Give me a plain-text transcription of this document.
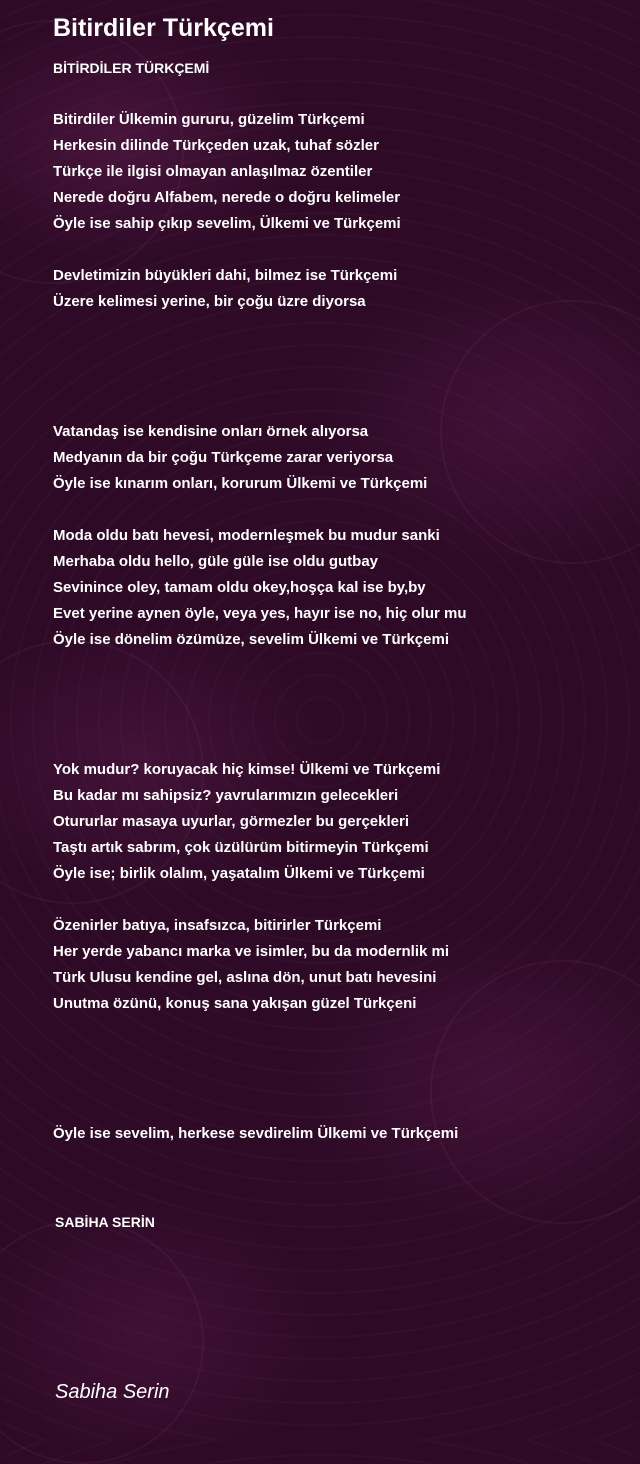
Bitirdiler Türkçemi
BİTİRDİLER TÜRKÇEMİ
Bitirdiler Ülkemin gururu, güzelim Türkçemi
Herkesin dilinde Türkçeden uzak, tuhaf sözler
Türkçe ile ilgisi olmayan anlaşılmaz özentiler
Nerede doğru Alfabem, nerede o doğru kelimeler
Öyle ise sahip çıkıp sevelim, Ülkemi ve Türkçemi
Devletimizin büyükleri dahi, bilmez ise Türkçemi
Üzere kelimesi yerine, bir çoğu üzre diyorsa
Vatandaş ise kendisine onları örnek alıyorsa
Medyanın da bir çoğu Türkçeme zarar veriyorsa
Öyle ise kınarım onları, korurum Ülkemi ve Türkçemi
Moda oldu batı hevesi, modernleşmek bu mudur sanki
Merhaba oldu hello, güle güle ise oldu gutbay
Sevinince oley, tamam oldu okey,hoşça kal ise by,by
Evet yerine aynen öyle, veya yes, hayır ise no, hiç olur mu
Öyle ise dönelim özümüze, sevelim Ülkemi ve Türkçemi
Yok mudur? koruyacak hiç kimse! Ülkemi ve Türkçemi
Bu kadar mı sahipsiz? yavrularımızın gelecekleri
Otururlar masaya uyurlar, görmezler bu gerçekleri
Taştı artık sabrım, çok üzülürüm bitirmeyin Türkçemi
Öyle ise; birlik olalım, yaşatalım Ülkemi ve Türkçemi
Özenirler batıya, insafsızca, bitirirler Türkçemi
Her yerde yabancı marka ve isimler, bu da modernlik mi
Türk Ulusu kendine gel, aslına dön, unut batı hevesini
Unutma özünü, konuş sana yakışan güzel Türkçeni
Öyle ise sevelim, herkese sevdirelim Ülkemi ve Türkçemi
SABİHA SERİN
Sabiha Serin
